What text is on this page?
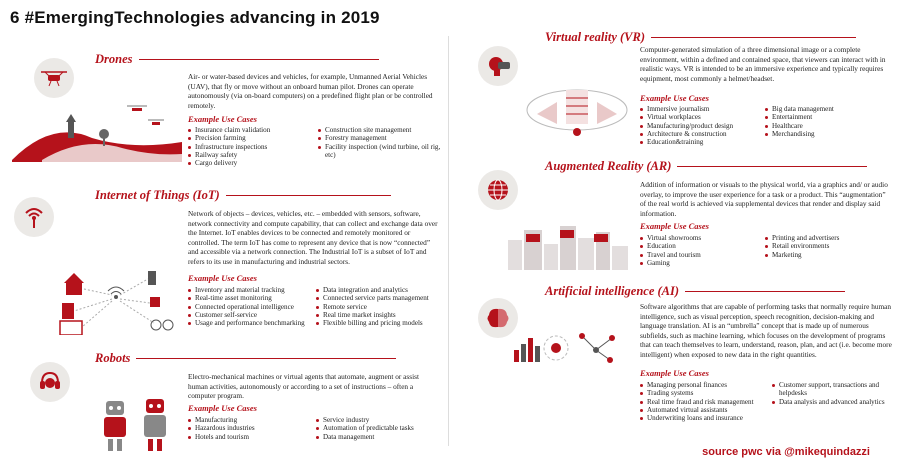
6 #EmergingTechnologies advancing in 2019
Drones
Air- or water-based devices and vehicles, for example, Unmanned Aerial Vehicles (UAV), that fly or move without an onboard human pilot. Drones can operate autonomously (via on-board computers) on a predefined flight plan or be controlled remotely.
Example Use Cases
Insurance claim validation
Precision farming
Infrastructure inspections
Railway safety
Cargo delivery
Construction site management
Forestry management
Facility inspection (wind turbine, oil rig, etc)
Internet of Things (IoT)
Network of objects – devices, vehicles, etc. – embedded with sensors, software, network connectivity and compute capability, that can collect and exchange data over the Internet. IoT enables devices to be connected and remotely monitored or controlled. The term IoT has come to represent any device that is now “connected” and accessible via a network connection. The Industrial IoT is a subset of IoT and refers to its use in manufacturing and industrial sectors.
Example Use Cases
Inventory and material tracking
Real-time asset monitoring
Connected operational intelligence
Customer self-service
Usage and performance benchmarking
Data integration and analytics
Connected service parts management
Remote service
Real time market insights
Flexible billing and pricing models
Robots
Electro-mechanical machines or virtual agents that automate, augment or assist human activities, autonomously or according to a set of instructions – often a computer program.
Example Use Cases
Manufacturing
Hazardous industries
Hotels and tourism
Service industry
Automation of predictable tasks
Data management
Virtual reality (VR)
Computer-generated simulation of a three dimensional image or a complete environment, within a defined and contained space, that viewers can interact with in realistic ways. VR is intended to be an immersive experience and typically requires equipment, most commonly a helmet/headset.
Example Use Cases
Immersive journalism
Virtual workplaces
Manufacturing/product design
Architecture & construction
Education&training
Big data management
Entertainment
Healthcare
Merchandising
Augmented Reality (AR)
Addition of information or visuals to the physical world, via a graphics and/ or audio overlay, to improve the user experience for a task or a product. This “augmentation” of the real world is achieved via supplemental devices that render and display said information.
Example Use Cases
Virtual showrooms
Education
Travel and tourism
Gaming
Printing and advertisers
Retail environments
Marketing
Artificial intelligence (AI)
Software algorithms that are capable of performing tasks that normally require human intelligence, such as visual perception, speech recognition, decision-making and language translation. AI is an “umbrella” concept that is made up of numerous subfields, such as machine learning, which focuses on the development of programs that can teach themselves to learn, understand, reason, plan, and act (i.e. become more intelligent) when exposed to new data in the right quantities.
Example Use Cases
Managing personal finances
Trading systems
Real time fraud and risk management
Automated virtual assistants
Underwriting loans and insurance
Customer support, transactions and helpdesks
Data analysis and advanced analytics
source pwc via @mikequindazzi
